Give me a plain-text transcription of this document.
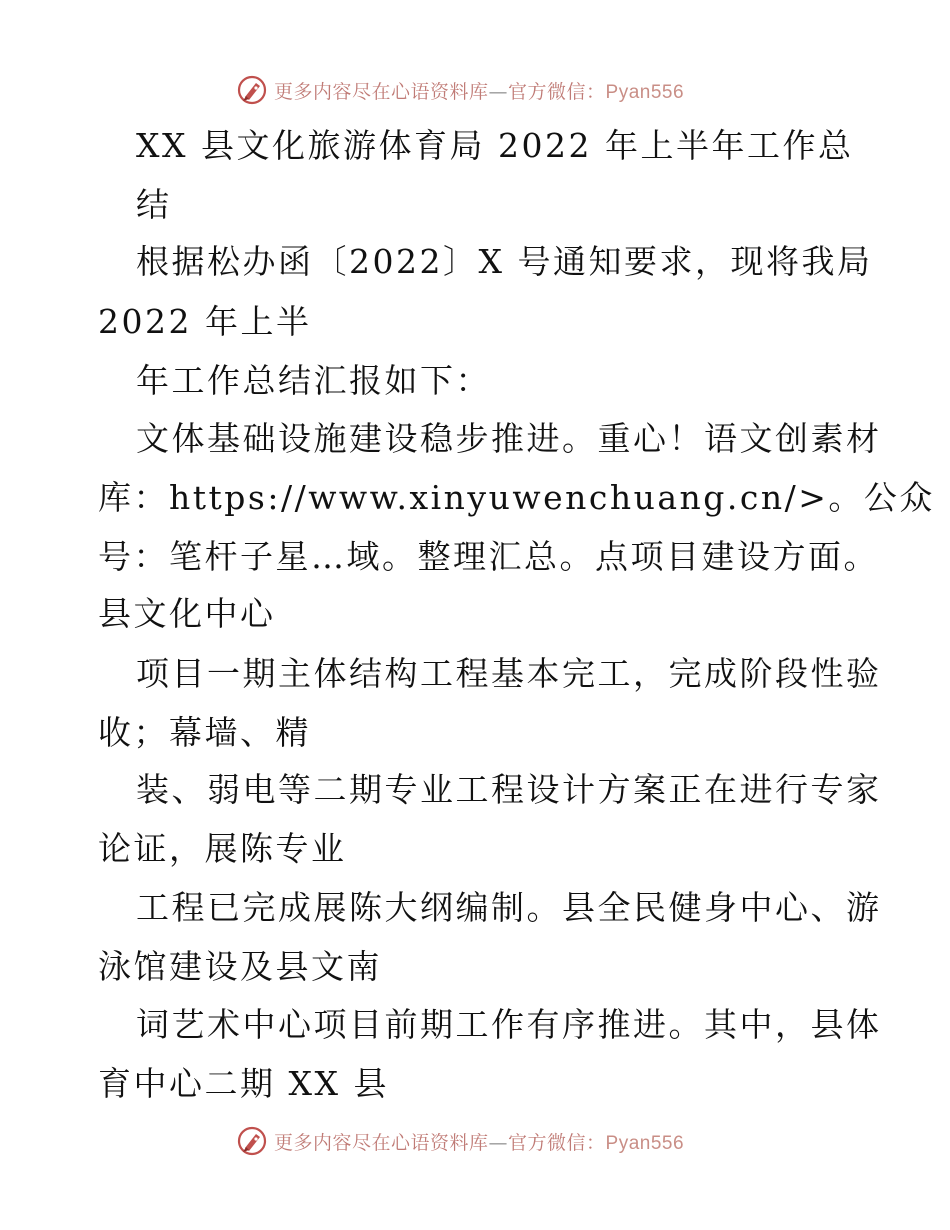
更多内容尽在心语资料库—官方微信：Pyan556
XX 县文化旅游体育局 2022 年上半年工作总
结
根据松办函〔2022〕X 号通知要求，现将我局
2022 年上半
年工作总结汇报如下：
文体基础设施建设稳步推进。重心！语文创素材
库：https://www.xinyuwenchuang.cn/>。公众
号：笔杆子星…域。整理汇总。点项目建设方面。
县文化中心
项目一期主体结构工程基本完工，完成阶段性验
收；幕墙、精
装、弱电等二期专业工程设计方案正在进行专家
论证，展陈专业
工程已完成展陈大纲编制。县全民健身中心、游
泳馆建设及县文南
词艺术中心项目前期工作有序推进。其中，县体
育中心二期 XX 县
更多内容尽在心语资料库—官方微信：Pyan556
